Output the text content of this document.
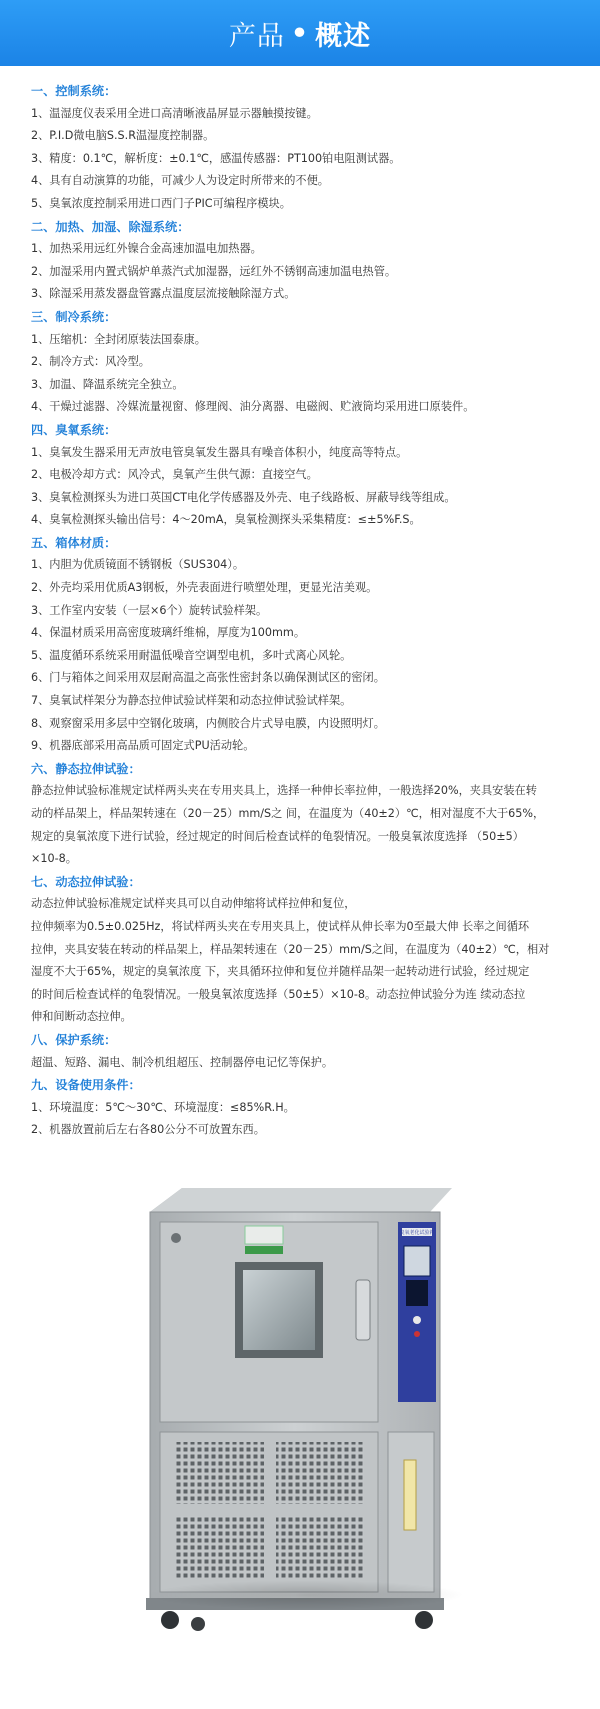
产品 • 概述
一、控制系统：
1、温湿度仪表采用全进口高清晰液晶屏显示器触摸按键。
2、P.I.D微电脑S.S.R温湿度控制器。
3、精度：0.1℃，解析度：±0.1℃，感温传感器：PT100铂电阻测试器。
4、具有自动演算的功能，可减少人为设定时所带来的不便。
5、臭氧浓度控制采用进口西门子PIC可编程序模块。
二、加热、加湿、除湿系统：
1、加热采用远红外镍合金高速加温电加热器。
2、加湿采用内置式锅炉单蒸汽式加湿器，远红外不锈钢高速加温电热管。
3、除湿采用蒸发器盘管露点温度层流接触除湿方式。
三、制冷系统：
1、压缩机：全封闭原装法国泰康。
2、制冷方式：风冷型。
3、加温、降温系统完全独立。
4、干燥过滤器、冷媒流量视窗、修理阀、油分离器、电磁阀、贮液筒均采用进口原装件。
四、臭氧系统：
1、臭氧发生器采用无声放电管臭氧发生器具有噪音体积小，纯度高等特点。
2、电极冷却方式：风冷式，臭氧产生供气源：直接空气。
3、臭氧检测探头为进口英国CT电化学传感器及外壳、电子线路板、屏蔽导线等组成。
4、臭氧检测探头输出信号：4～20mA，臭氧检测探头采集精度：≤±5%F.S。
五、箱体材质：
1、内胆为优质镜面不锈钢板（SUS304）。
2、外壳均采用优质A3钢板，外壳表面进行喷塑处理，更显光洁美观。
3、工作室内安装（一层×6个）旋转试验样架。
4、保温材质采用高密度玻璃纤维棉，厚度为100mm。
5、温度循环系统采用耐温低噪音空调型电机，多叶式离心风轮。
6、门与箱体之间采用双层耐高温之高张性密封条以确保测试区的密闭。
7、臭氧试样架分为静态拉伸试验试样架和动态拉伸试验试样架。
8、观察窗采用多层中空钢化玻璃，内侧胶合片式导电膜，内设照明灯。
9、机器底部采用高品质可固定式PU活动轮。
六、静态拉伸试验：
静态拉伸试验标准规定试样两头夹在专用夹具上，选择一种伸长率拉伸，一般选择20%，夹具安装在转
动的样品架上，样品架转速在（20－25）mm/S之 间，在温度为（40±2）℃，相对湿度不大于65%，
规定的臭氧浓度下进行试验，经过规定的时间后检查试样的龟裂情况。一般臭氧浓度选择 （50±5）
×10-8。
七、动态拉伸试验：
动态拉伸试验标准规定试样夹具可以自动伸缩将试样拉伸和复位，
拉伸频率为0.5±0.025Hz，将试样两头夹在专用夹具上，使试样从伸长率为0至最大伸 长率之间循环
拉伸，夹具安装在转动的样品架上，样品架转速在（20－25）mm/S之间，在温度为（40±2）℃，相对
湿度不大于65%，规定的臭氧浓度 下，夹具循环拉伸和复位并随样品架一起转动进行试验，经过规定
的时间后检查试样的龟裂情况。一般臭氧浓度选择（50±5）×10-8。动态拉伸试验分为连 续动态拉
伸和间断动态拉伸。
八、保护系统：
超温、短路、漏电、制冷机组超压、控制器停电记忆等保护。
九、设备使用条件：
1、环境温度：5℃～30℃、环境湿度：≤85%R.H。
2、机器放置前后左右各80公分不可放置东西。
臭氧老化试验箱
